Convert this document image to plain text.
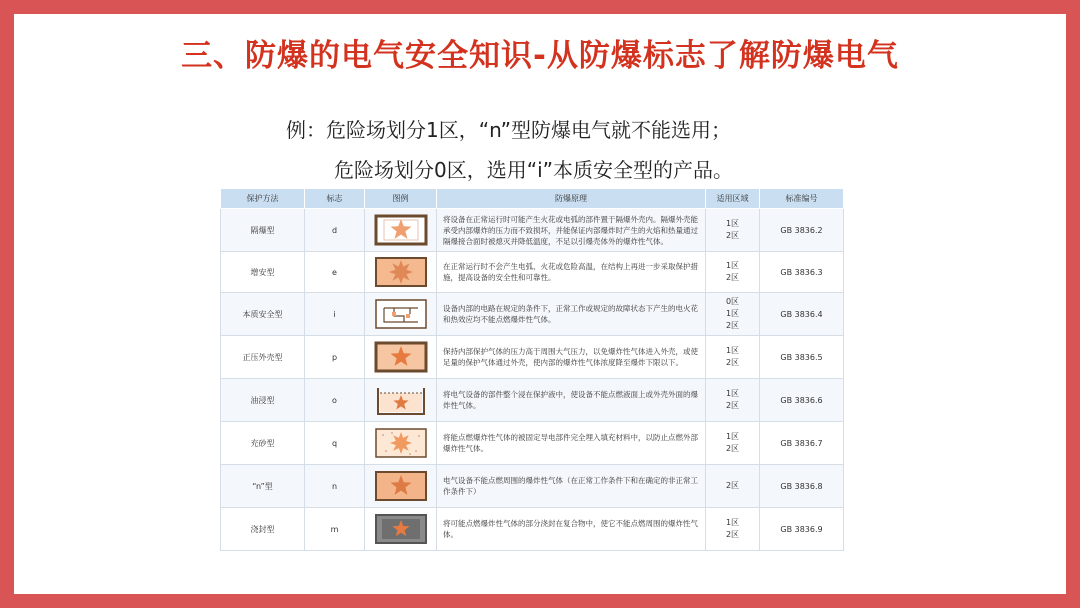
三、防爆的电气安全知识-从防爆标志了解防爆电气
例：危险场划分1区，“n”型防爆电气就不能选用；
危险场划分0区，选用“i”本质安全型的产品。
保护方法	标志	图例	防爆原理	适用区域	标准编号
隔爆型	d		将设备在正常运行时可能产生火花或电弧的部件置于隔爆外壳内。隔爆外壳能承受内部爆炸的压力而不致损坏，并能保证内部爆炸时产生的火焰和热量通过隔爆接合面时被熄灭并降低温度，不足以引爆壳体外的爆炸性气体。	1区
2区	GB 3836.2
增安型	e		在正常运行时不会产生电弧、火花或危险高温，在结构上再进一步采取保护措施，提高设备的安全性和可靠性。	1区
2区	GB 3836.3
本质安全型	i		设备内部的电路在规定的条件下，正常工作或规定的故障状态下产生的电火花和热效应均不能点燃爆炸性气体。	0区
1区
2区	GB 3836.4
正压外壳型	p		保持内部保护气体的压力高于周围大气压力，以免爆炸性气体进入外壳，或使足量的保护气体通过外壳，使内部的爆炸性气体浓度降至爆炸下限以下。	1区
2区	GB 3836.5
油浸型	o		将电气设备的部件整个浸在保护液中，使设备不能点燃液面上或外壳外面的爆炸性气体。	1区
2区	GB 3836.6
充砂型	q		将能点燃爆炸性气体的被固定导电部件完全埋入填充材料中，以防止点燃外部爆炸性气体。	1区
2区	GB 3836.7
“n”型	n		电气设备不能点燃周围的爆炸性气体（在正常工作条件下和在确定的非正常工作条件下）	2区	GB 3836.8
浇封型	m		将可能点燃爆炸性气体的部分浇封在复合物中，使它不能点燃周围的爆炸性气体。	1区
2区	GB 3836.9
